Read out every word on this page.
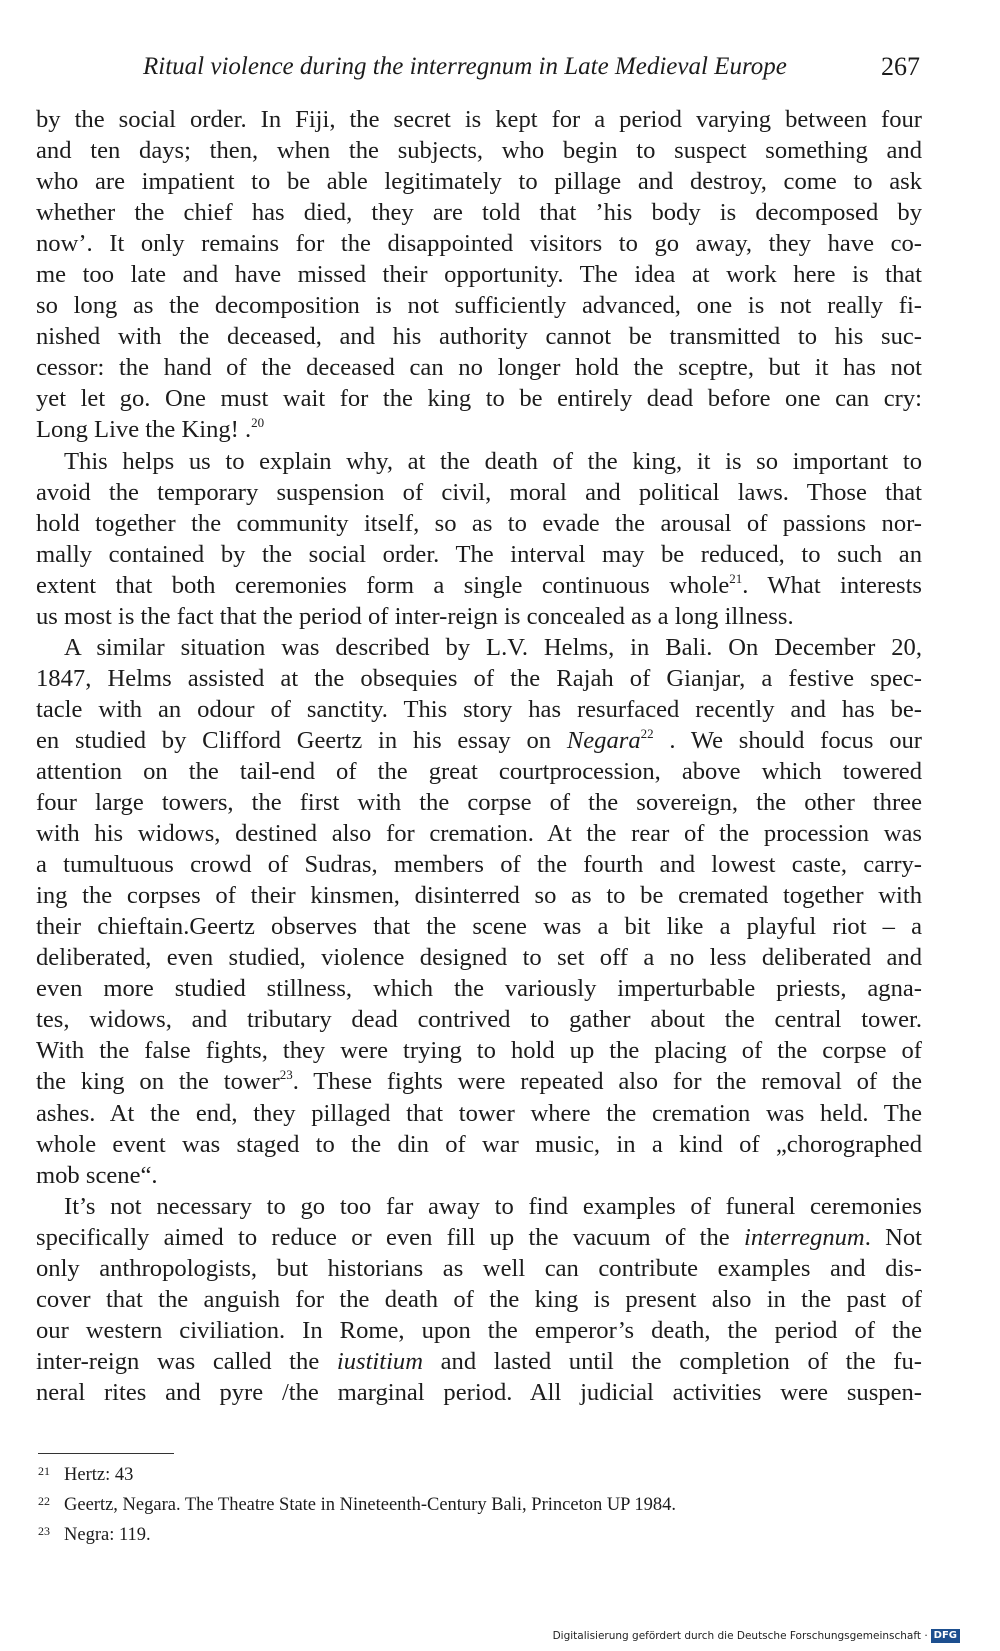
Ritual violence during the interregnum in Late Medieval Europe	267
by the social order. In Fiji, the secret is kept for a period varying between four
and ten days; then, when the subjects, who begin to suspect something and
who are impatient to be able legitimately to pillage and destroy, come to ask
whether the chief has died, they are told that ’his body is decomposed by
now’. It only remains for the disappointed visitors to go away, they have co-
me too late and have missed their opportunity. The idea at work here is that
so long as the decomposition is not sufficiently advanced, one is not really fi-
nished with the deceased, and his authority cannot be transmitted to his suc-
cessor: the hand of the deceased can no longer hold the sceptre, but it has not
yet let go. One must wait for the king to be entirely dead before one can cry:
Long Live the King! .$^{20}$
This helps us to explain why, at the death of the king, it is so important to
avoid the temporary suspension of civil, moral and political laws. Those that
hold together the community itself, so as to evade the arousal of passions nor-
mally contained by the social order. The interval may be reduced, to such an
extent that both ceremonies form a single continuous whole$^{21}$. What interests
us most is the fact that the period of inter-reign is concealed as a long illness.
A similar situation was described by L.V. Helms, in Bali. On December 20,
1847, Helms assisted at the obsequies of the Rajah of Gianjar, a festive spec-
tacle with an odour of sanctity. This story has resurfaced recently and has be-
en studied by Clifford Geertz in his essay on Negara$^{22}$ . We should focus our
attention on the tail-end of the great courtprocession, above which towered
four large towers, the first with the corpse of the sovereign, the other three
with his widows, destined also for cremation. At the rear of the procession was
a tumultuous crowd of Sudras, members of the fourth and lowest caste, carry-
ing the corpses of their kinsmen, disinterred so as to be cremated together with
their chieftain.Geertz observes that the scene was a bit like a playful riot – a
deliberated, even studied, violence designed to set off a no less deliberated and
even more studied stillness, which the variously imperturbable priests, agna-
tes, widows, and tributary dead contrived to gather about the central tower.
With the false fights, they were trying to hold up the placing of the corpse of
the king on the tower$^{23}$. These fights were repeated also for the removal of the
ashes. At the end, they pillaged that tower where the cremation was held. The
whole event was staged to the din of war music, in a kind of „chorographed
mob scene“.
It’s not necessary to go too far away to find examples of funeral ceremonies
specifically aimed to reduce or even fill up the vacuum of the interregnum. Not
only anthropologists, but historians as well can contribute examples and dis-
cover that the anguish for the death of the king is present also in the past of
our western civiliation. In Rome, upon the emperor’s death, the period of the
inter-reign was called the iustitium and lasted until the completion of the fu-
neral rites and pyre /the marginal period. All judicial activities were suspen-
21 Hertz: 43
22 Geertz, Negara. The Theatre State in Nineteenth-Century Bali, Princeton UP 1984.
23 Negra: 119.
Digitalisierung gefördert durch die Deutsche Forschungsgemeinschaft · DFG
